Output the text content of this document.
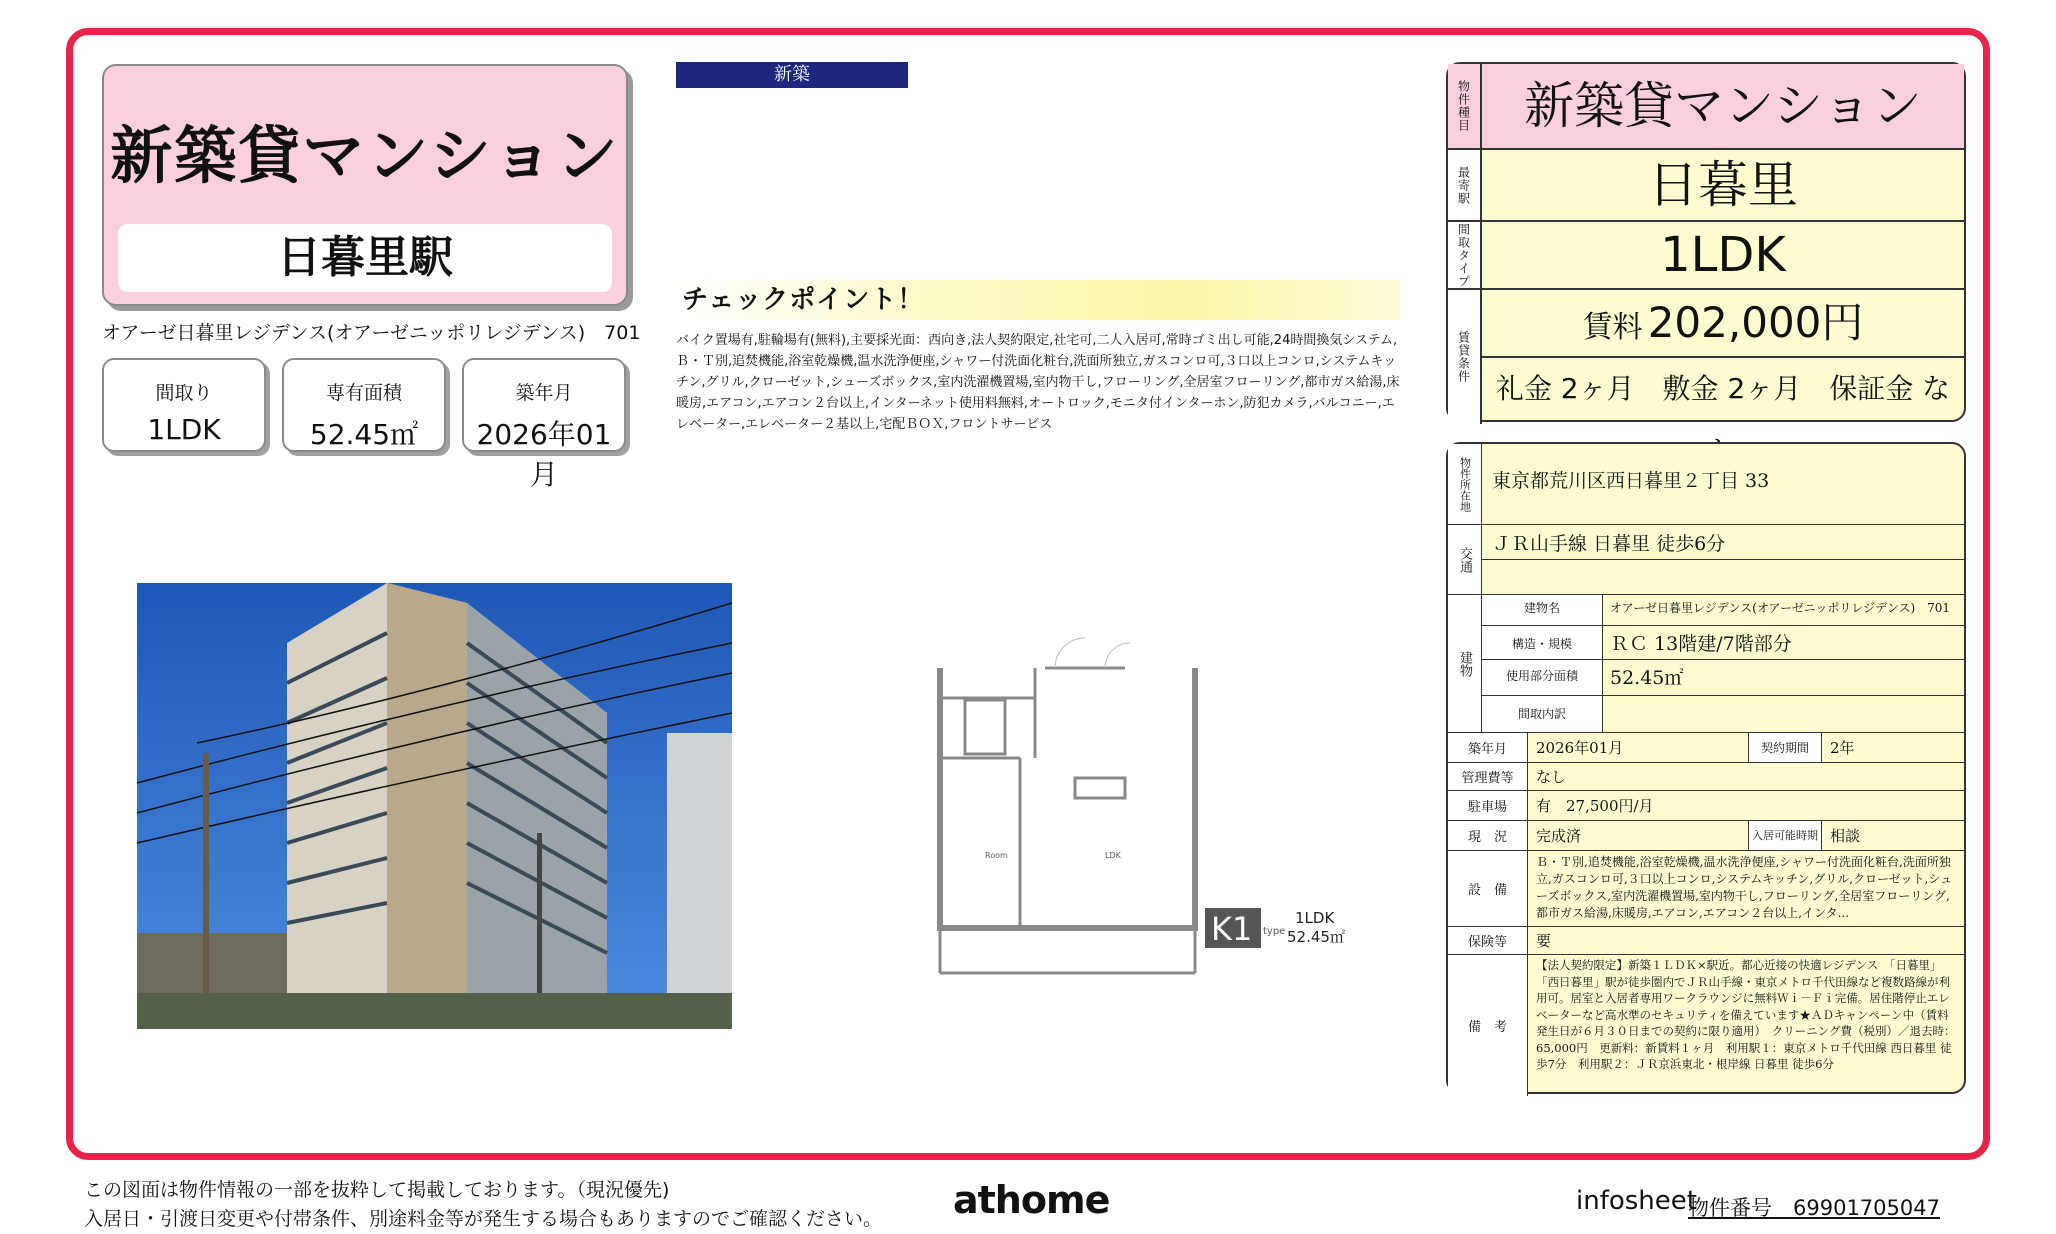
新築貸マンション
日暮里駅
オアーゼ日暮里レジデンス(オアーゼニッポリレジデンス)　701
間取り
1LDK
専有面積
52.45㎡
築年月
2026年01月
新築
チェックポイント！
バイク置場有,駐輪場有(無料),主要採光面：西向き,法人契約限定,社宅可,二人入居可,常時ゴミ出し可能,24時間換気システム,Ｂ・Ｔ別,追焚機能,浴室乾燥機,温水洗浄便座,シャワー付洗面化粧台,洗面所独立,ガスコンロ可,３口以上コンロ,システムキッチン,グリル,クローゼット,シューズボックス,室内洗濯機置場,室内物干し,フローリング,全居室フローリング,都市ガス給湯,床暖房,エアコン,エアコン２台以上,インターネット使用料無料,オートロック,モニタ付インターホン,防犯カメラ,バルコニー,エレベーター,エレベーター２基以上,宅配ＢＯＸ,フロントサービス
Room	LDK
K1 type
1LDK
52.45㎡
物件種目	新築貸マンション
最寄駅	日暮里
間取タイプ	1LDK
賃貸条件
賃料 202,000円
礼金 2ヶ月　敷金 2ヶ月　保証金 な
物件所在地	東京都荒川区西日暮里２丁目 33
交通
ＪＲ山手線 日暮里 徒歩6分
建物
建物名	オアーゼ日暮里レジデンス(オアーゼニッポリレジデンス)　701
構造・規模	ＲＣ 13階建/7階部分
使用部分面積	52.45㎡
間取内訳
築年月	2026年01月	契約期間	2年
管理費等	なし
駐車場	有　27,500円/月
現　況	完成済	入居可能時期 相談
設　備
Ｂ・Ｔ別,追焚機能,浴室乾燥機,温水洗浄便座,シャワー付洗面化粧台,洗面所独立,ガスコンロ可,３口以上コンロ,システムキッチン,グリル,クローゼット,シューズボックス,室内洗濯機置場,室内物干し,フローリング,全居室フローリング,都市ガス給湯,床暖房,エアコン,エアコン２台以上,インタ...
保険等	要
備　考
【法人契約限定】新築１ＬＤＫ×駅近。都心近接の快適レジデンス　「日暮里」「西日暮里」駅が徒歩圏内でＪＲ山手線・東京メトロ千代田線など複数路線が利用可。居室と入居者専用ワークラウンジに無料Ｗｉ－Ｆｉ完備。居住階停止エレベーターなど高水準のセキュリティを備えています★ＡＤキャンペーン中（賃料発生日が６月３０日までの契約に限り適用）　クリーニング費（税別）／退去時：65,000円　更新料：新賃料１ヶ月　利用駅１：東京メトロ千代田線 西日暮里 徒歩7分　利用駅２：ＪＲ京浜東北・根岸線 日暮里 徒歩6分
この図面は物件情報の一部を抜粋して掲載しております。（現況優先)
入居日・引渡日変更や付帯条件、別途料金等が発生する場合もありますのでご確認ください。 athome	infosheet
物件番号　69901705047
